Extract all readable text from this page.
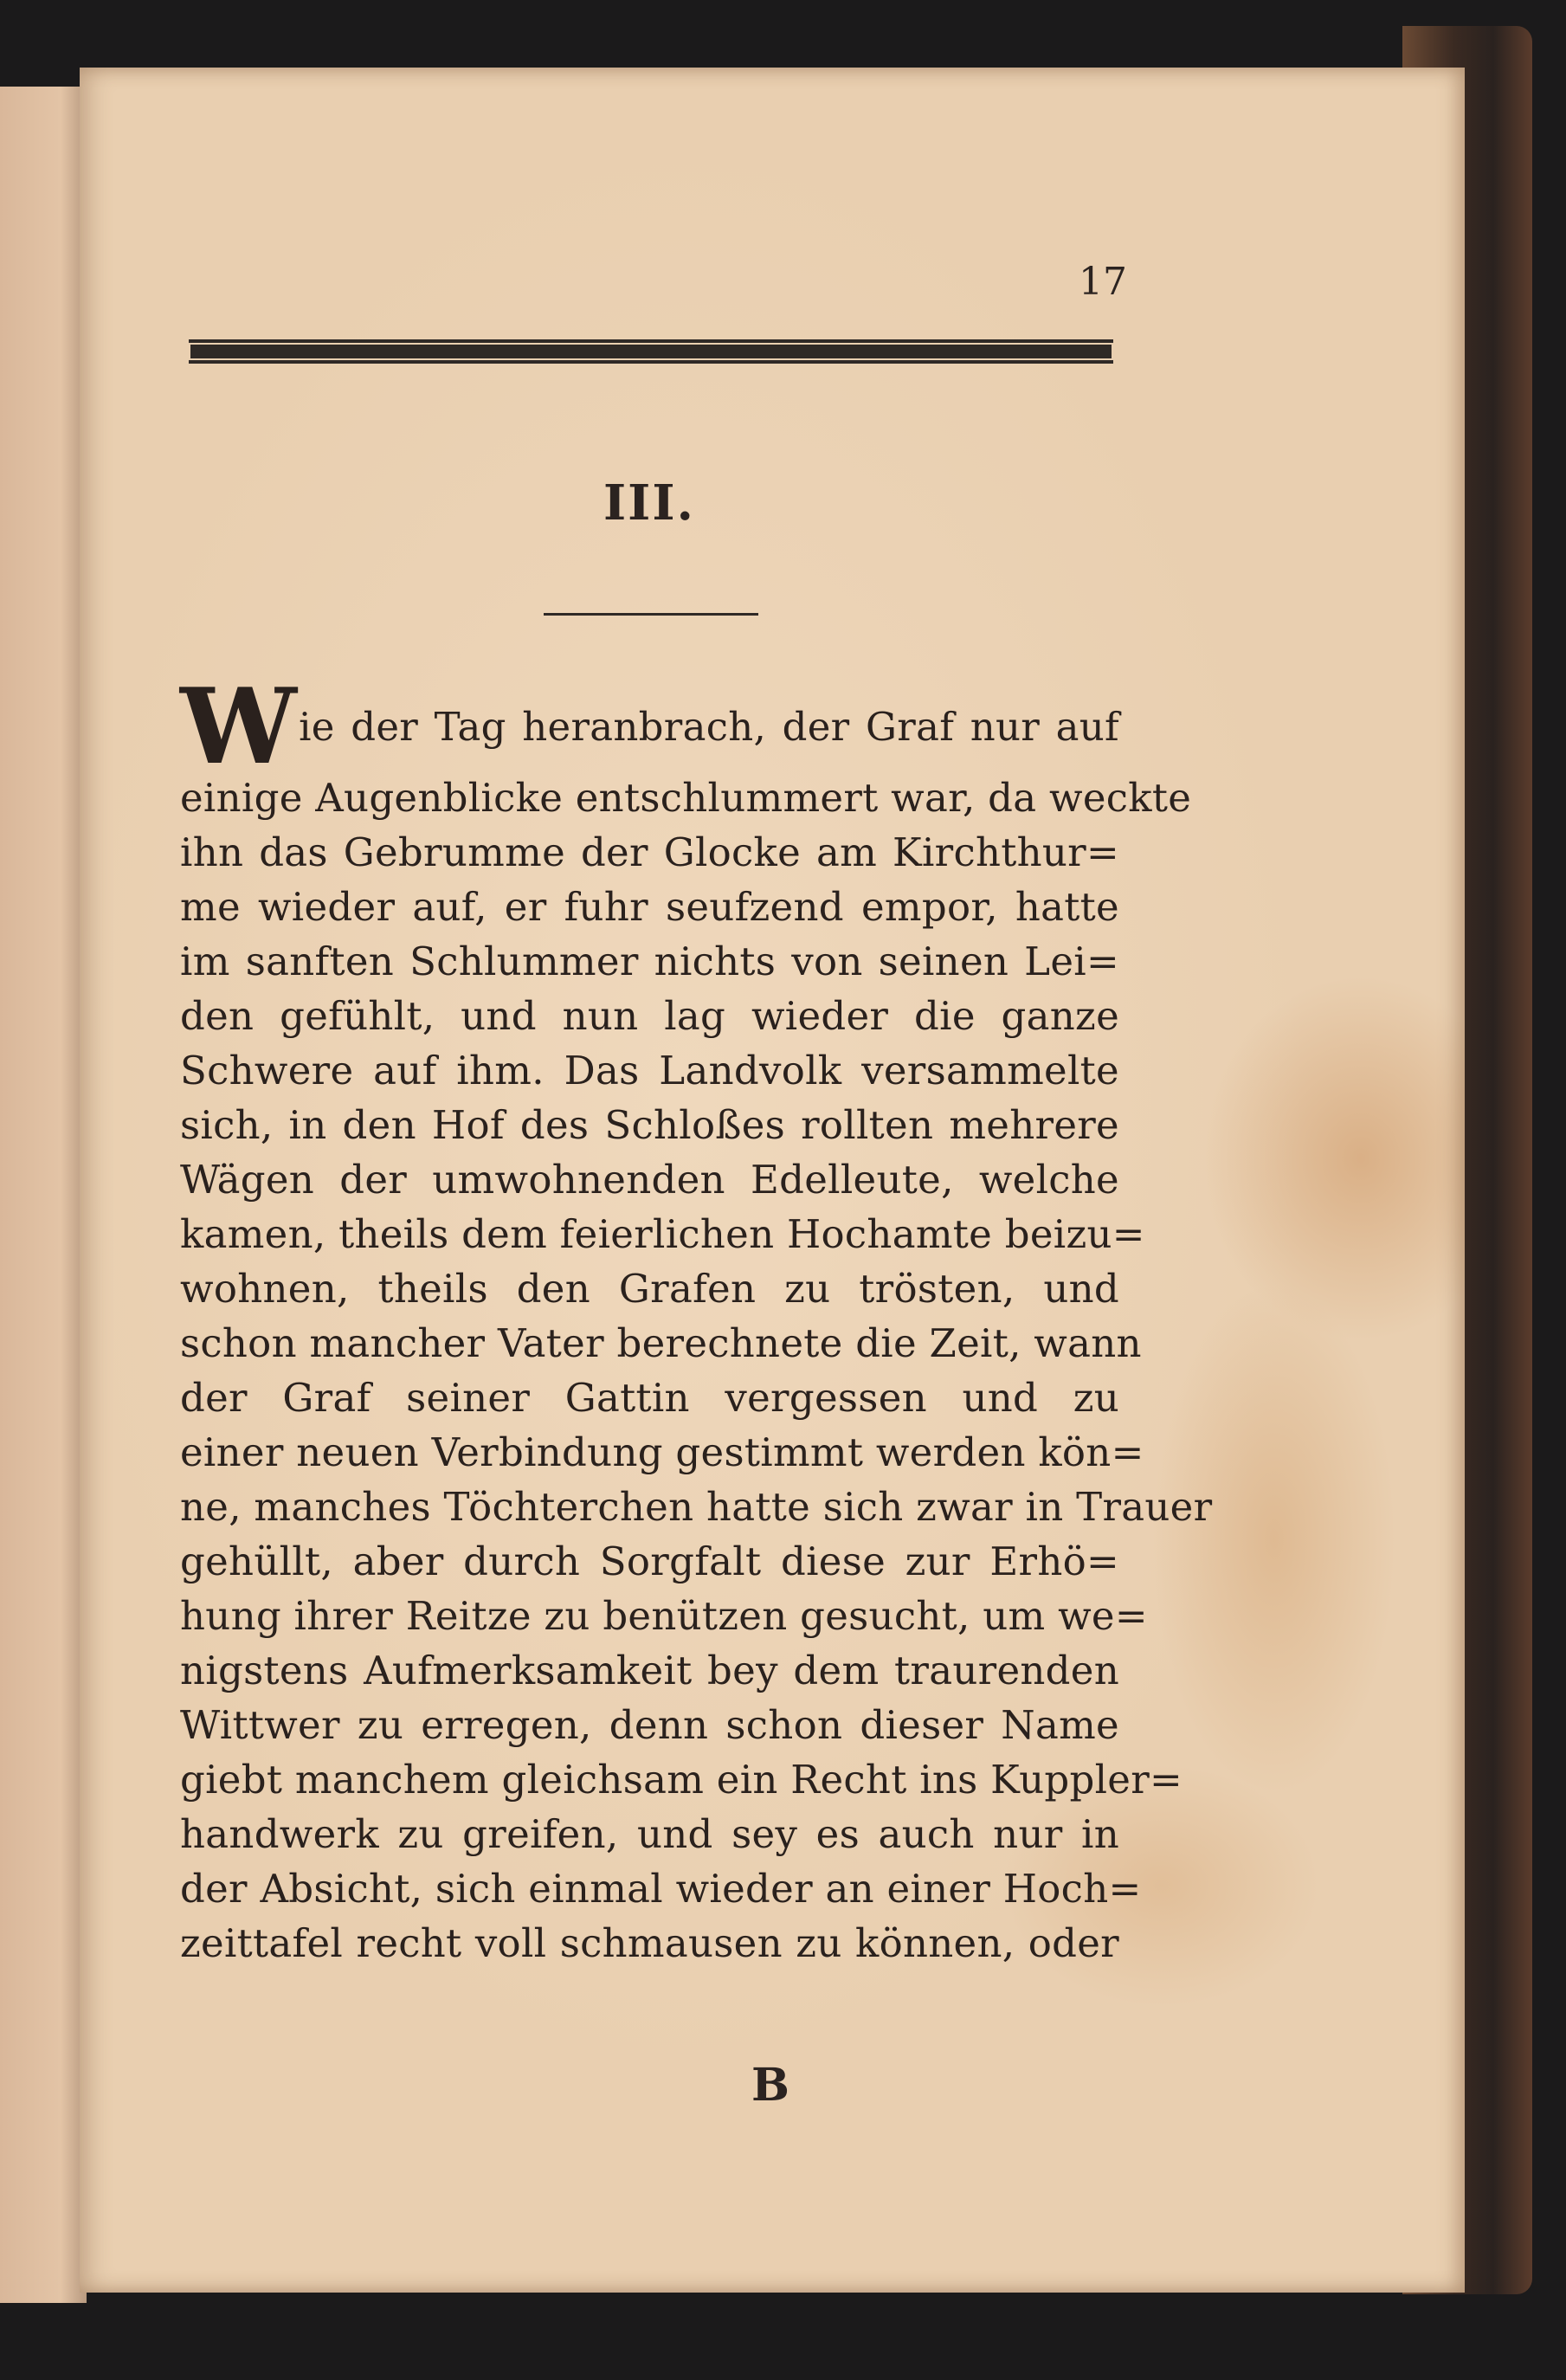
17
III.
Wie der Tag heranbrach, der Graf nur auf
einige Augenblicke entschlummert war, da weckte
ihn das Gebrumme der Glocke am Kirchthur=
me wieder auf, er fuhr seufzend empor, hatte
im sanften Schlummer nichts von seinen Lei=
den gefühlt, und nun lag wieder die ganze
Schwere auf ihm. Das Landvolk versammelte
sich, in den Hof des Schloßes rollten mehrere
Wägen der umwohnenden Edelleute, welche
kamen, theils dem feierlichen Hochamte beizu=
wohnen, theils den Grafen zu trösten, und
schon mancher Vater berechnete die Zeit, wann
der Graf seiner Gattin vergessen und zu
einer neuen Verbindung gestimmt werden kön=
ne, manches Töchterchen hatte sich zwar in Trauer
gehüllt, aber durch Sorgfalt diese zur Erhö=
hung ihrer Reitze zu benützen gesucht, um we=
nigstens Aufmerksamkeit bey dem traurenden
Wittwer zu erregen, denn schon dieser Name
giebt manchem gleichsam ein Recht ins Kuppler=
handwerk zu greifen, und sey es auch nur in
der Absicht, sich einmal wieder an einer Hoch=
zeittafel recht voll schmausen zu können, oder
B
